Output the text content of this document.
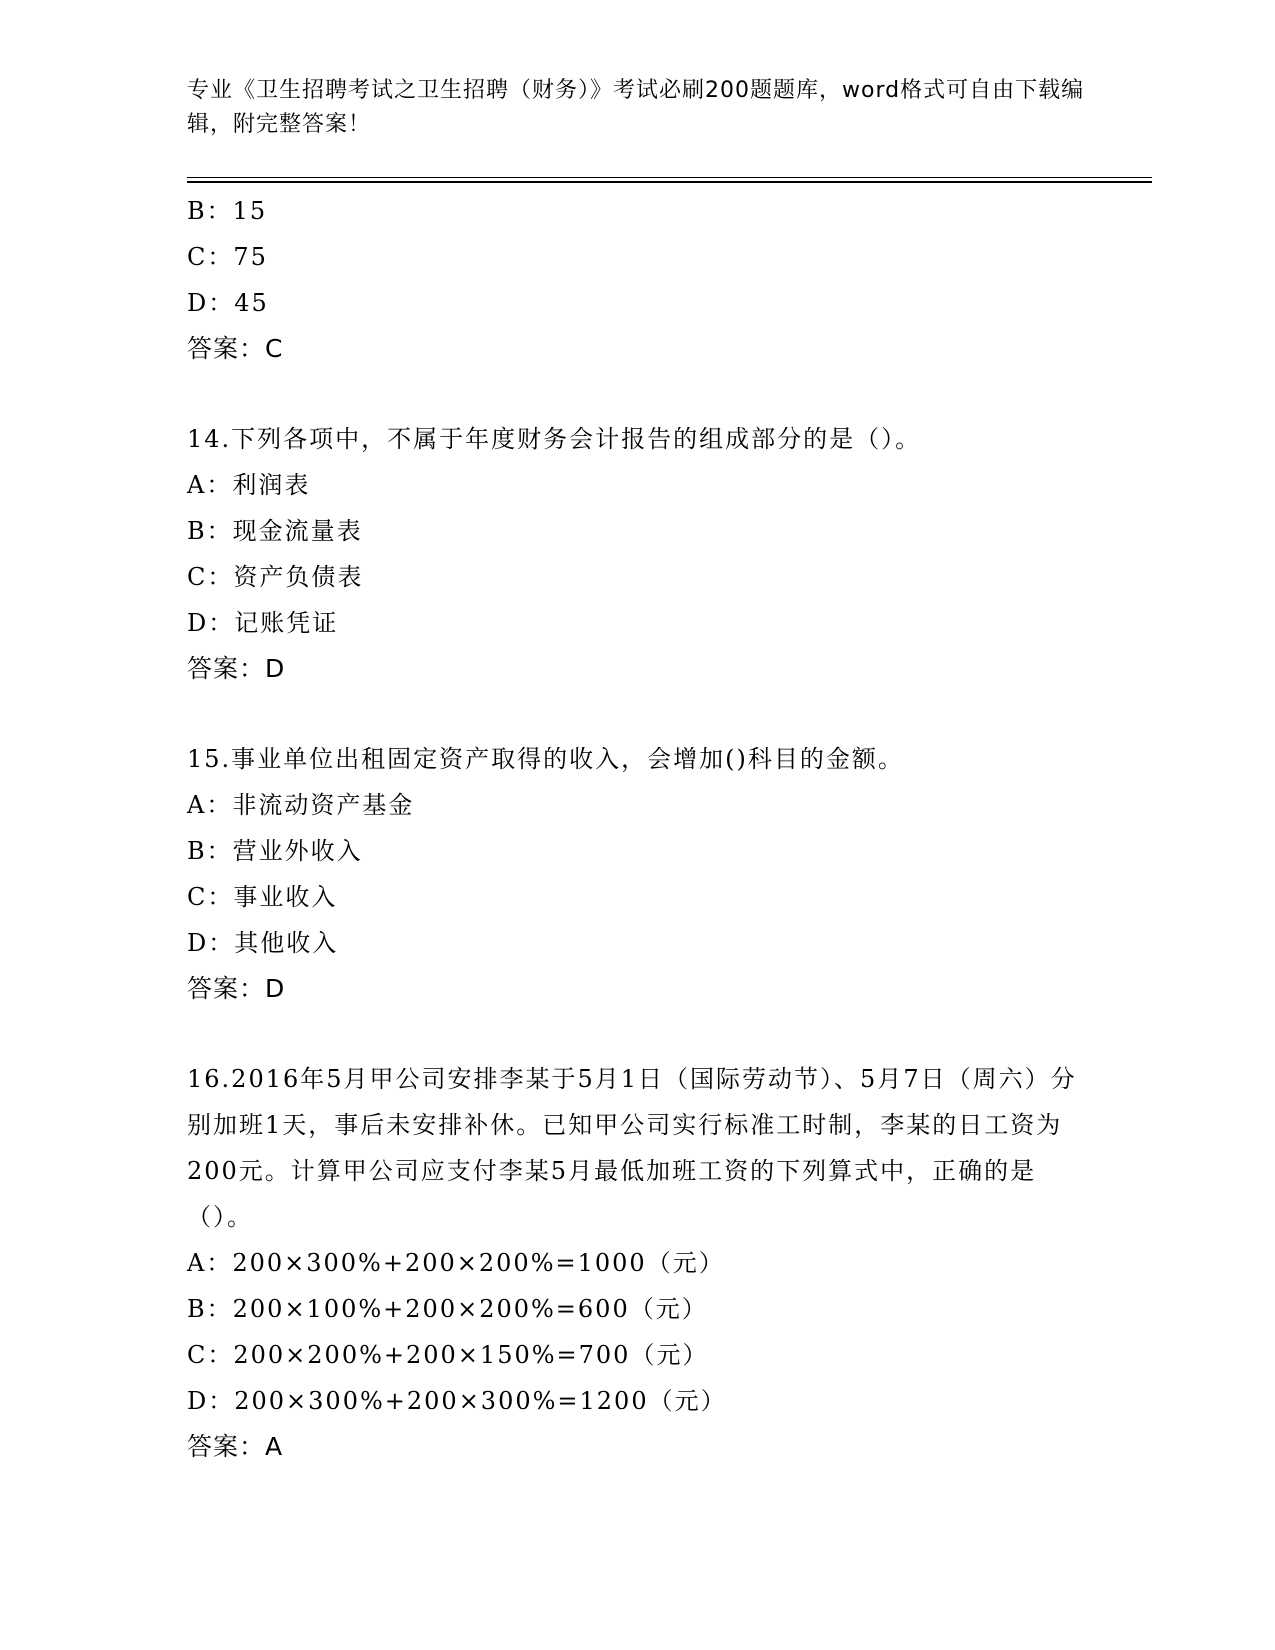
专业《卫生招聘考试之卫生招聘（财务）》考试必刷200题题库，word格式可自由下载编辑，附完整答案！
B：15
C：75
D：45
答案：C
14.下列各项中，不属于年度财务会计报告的组成部分的是（）。
A：利润表
B：现金流量表
C：资产负债表
D：记账凭证
答案：D
15.事业单位出租固定资产取得的收入，会增加()科目的金额。
A：非流动资产基金
B：营业外收入
C：事业收入
D：其他收入
答案：D
16.2016年5月甲公司安排李某于5月1日（国际劳动节）、5月7日（周六）分别加班1天，事后未安排补休。已知甲公司实行标准工时制，李某的日工资为200元。计算甲公司应支付李某5月最低加班工资的下列算式中，正确的是（）。
A：200×300%+200×200%=1000（元）
B：200×100%+200×200%=600（元）
C：200×200%+200×150%=700（元）
D：200×300%+200×300%=1200（元）
答案：A
